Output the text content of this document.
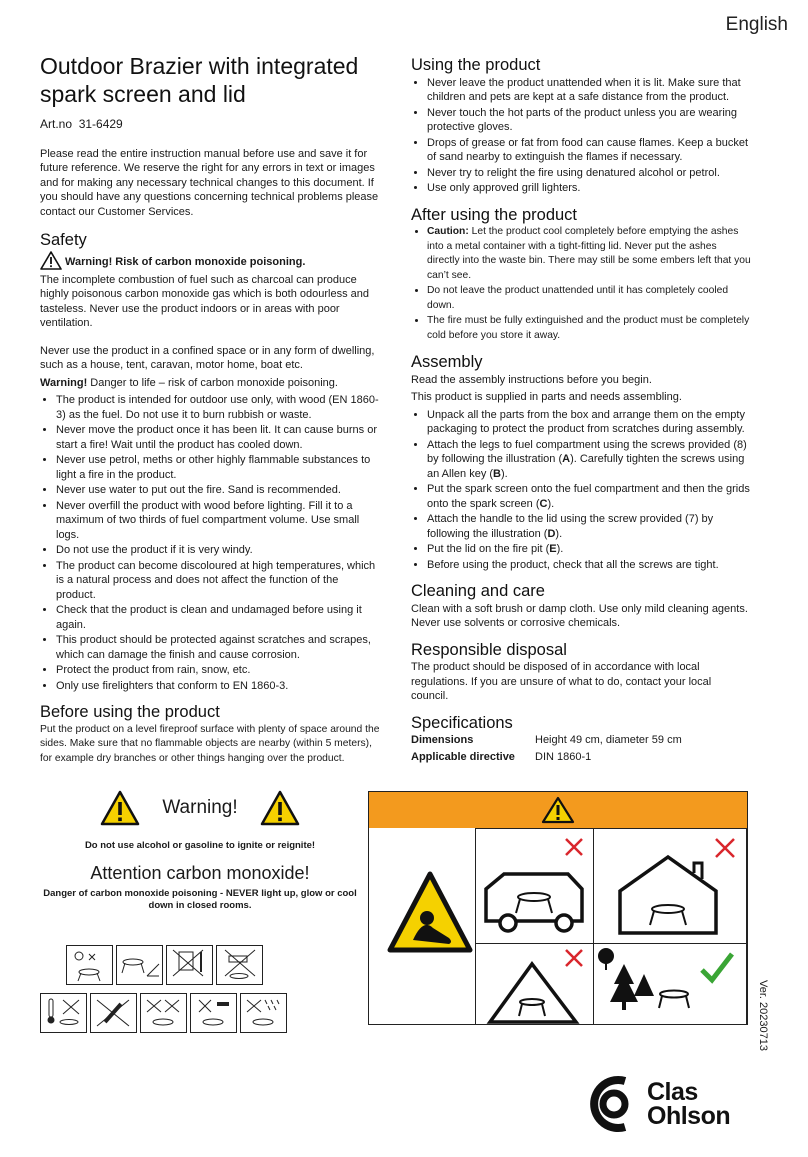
English
Outdoor Brazier with integrated spark screen and lid

Art.no 31-6429

Please read the entire instruction manual before use and save it for future reference. We reserve the right for any errors in text or images and for making any necessary technical changes to this document. If you should have any questions concerning technical problems please contact our Customer Services.

Safety
Warning! Risk of carbon monoxide poisoning.

The incomplete combustion of fuel such as charcoal can produce highly poisonous carbon monoxide gas which is both odourless and tasteless. Never use the product indoors or in areas with poor ventilation.

Never use the product in a confined space or in any form of dwelling, such as a house, tent, caravan, motor home, boat etc.

Warning! Danger to life – risk of carbon monoxide poisoning.

• The product is intended for outdoor use only, with wood (EN 1860-3) as the fuel. Do not use it to burn rubbish or waste.
• Never move the product once it has been lit. It can cause burns or start a fire! Wait until the product has cooled down.
• Never use petrol, meths or other highly flammable substances to light a fire in the product.
• Never use water to put out the fire. Sand is recommended.
• Never overfill the product with wood before lighting. Fill it to a maximum of two thirds of fuel compartment volume. Use small logs.
• Do not use the product if it is very windy.
• The product can become discoloured at high temperatures, which is a natural process and does not affect the function of the product.
• Check that the product is clean and undamaged before using it again.
• This product should be protected against scratches and scrapes, which can damage the finish and cause corrosion.
• Protect the product from rain, snow, etc.
• Only use firelighters that conform to EN 1860-3.
Before using the product

Put the product on a level fireproof surface with plenty of space around the sides. Make sure that no flammable objects are nearby (within 5 meters), for example dry branches or other things hanging over the product.

Using the product
• Never leave the product unattended when it is lit. Make sure that children and pets are kept at a safe distance from the product.
• Never touch the hot parts of the product unless you are wearing protective gloves.
• Drops of grease or fat from food can cause flames. Keep a bucket of sand nearby to extinguish the flames if necessary.
• Never try to relight the fire using denatured alcohol or petrol.
• Use only approved grill lighters.
After using the product
• Caution: Let the product cool completely before emptying the ashes into a metal container with a tight-fitting lid. Never put the ashes directly into the waste bin. There may still be some embers left that you can’t see.
• Do not leave the product unattended until it has completely cooled down.
• The fire must be fully extinguished and the product must be completely cold before you store it away.
Assembly

Read the assembly instructions before you begin.

This product is supplied in parts and needs assembling.

• Unpack all the parts from the box and arrange them on the empty packaging to protect the product from scratches during assembly.
• Attach the legs to fuel compartment using the screws provided (8) by following the illustration (A). Carefully tighten the screws using an Allen key (B).
• Put the spark screen onto the fuel compartment and then the grids onto the spark screen (C).
• Attach the handle to the lid using the screw provided (7) by following the illustration (D).
• Put the lid on the fire pit (E).
• Before using the product, check that all the screws are tight.
Cleaning and care

Clean with a soft brush or damp cloth. Use only mild cleaning agents. Never use solvents or corrosive chemicals.

Responsible disposal

The product should be disposed of in accordance with local regulations. If you are unsure of what to do, contact your local council.

Specifications
Dimensions	Height 49 cm, diameter 59 cm
Applicable directive	DIN 1860-1
Warning!
Do not use alcohol or gasoline to ignite or reignite!
Attention carbon monoxide!
Danger of carbon monoxide poisoning - NEVER light up, glow or cool down in closed rooms.
Ver. 20230713
Clas
Ohlson
